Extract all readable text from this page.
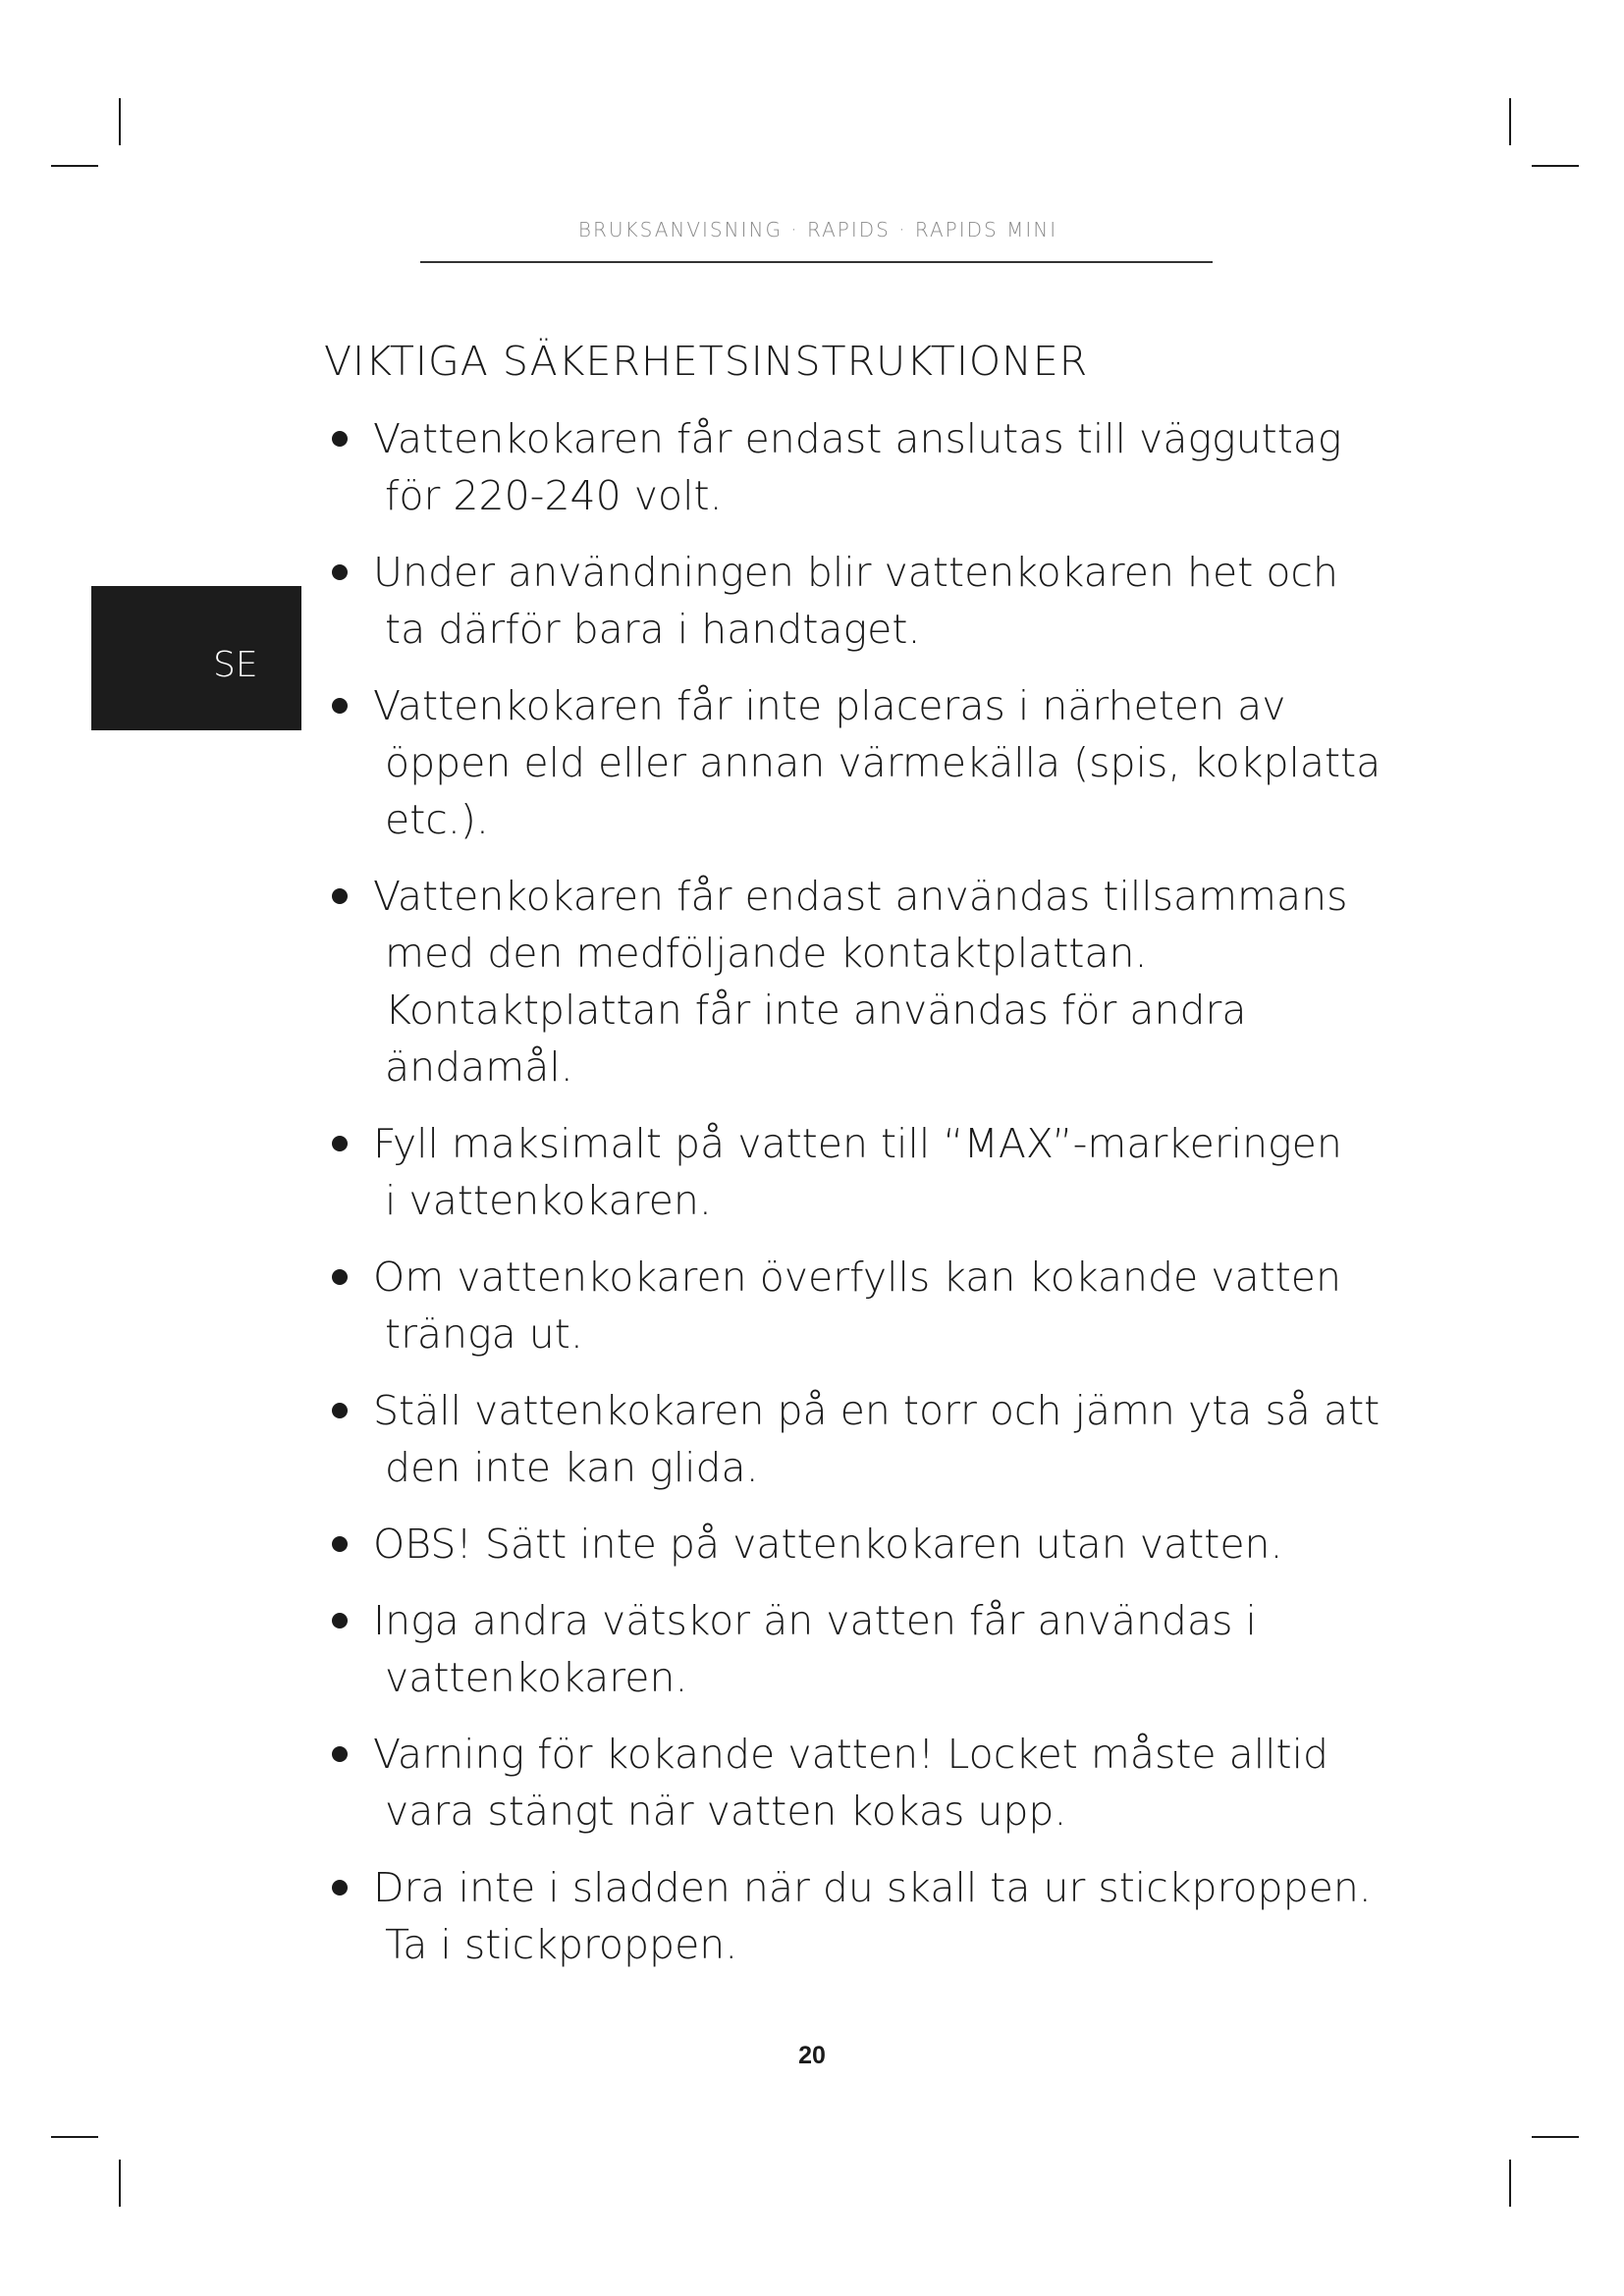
BRUKSANVISNING · RAPIDS · RAPIDS MINI
SE
VIKTIGA SÄKERHETSINSTRUKTIONER
Vattenkokaren får endast anslutas till vägguttag
för 220-240 volt.
Under användningen blir vattenkokaren het och
ta därför bara i handtaget.
Vattenkokaren får inte placeras i närheten av
öppen eld eller annan värmekälla (spis, kokplatta
etc.).
Vattenkokaren får endast användas tillsammans
med den medföljande kontaktplattan.
Kontaktplattan får inte användas för andra
ändamål.
Fyll maksimalt på vatten till “MAX”-markeringen
i vattenkokaren.
Om vattenkokaren överfylls kan kokande vatten
tränga ut.
Ställ vattenkokaren på en torr och jämn yta så att
den inte kan glida.
OBS! Sätt inte på vattenkokaren utan vatten.
Inga andra vätskor än vatten får användas i
vattenkokaren.
Varning för kokande vatten! Locket måste alltid
vara stängt när vatten kokas upp.
Dra inte i sladden när du skall ta ur stickproppen.
Ta i stickproppen.
20
